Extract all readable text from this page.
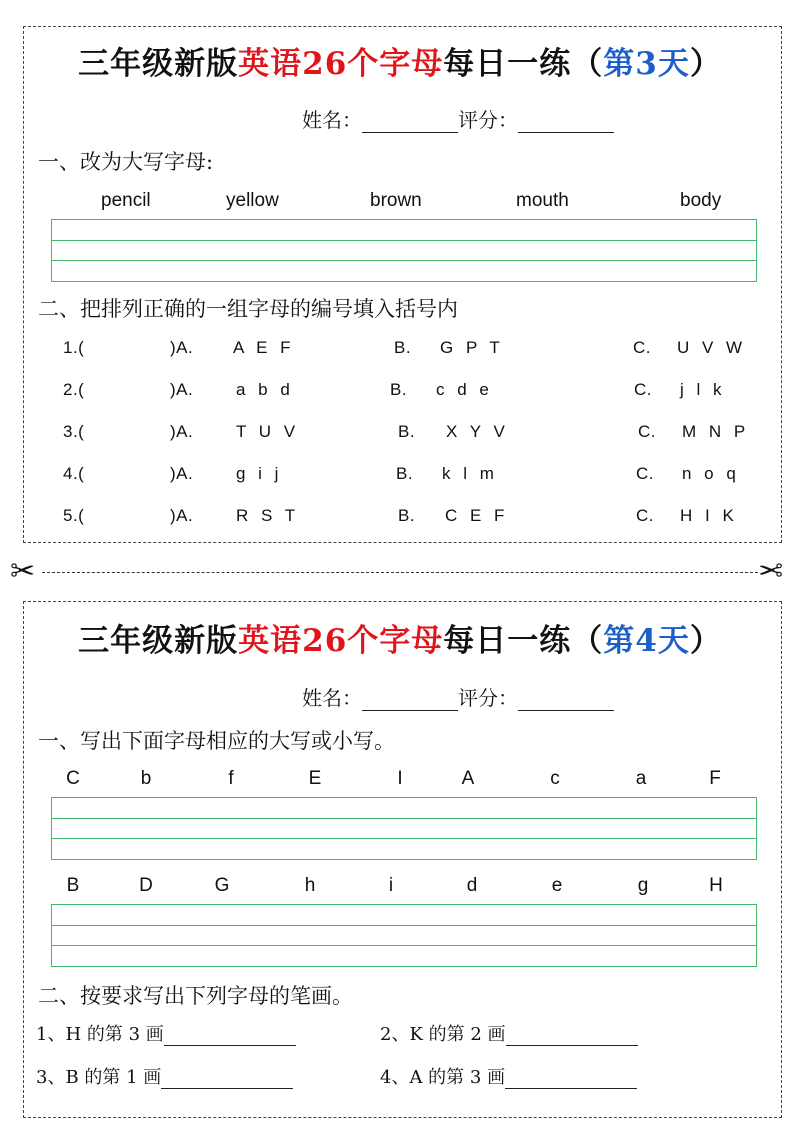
三年级新版英语26个字母每日一练（第3天）
姓名：	评分：
一、改为大写字母:
pencil	yellow	brown	mouth	body
二、把排列正确的一组字母的编号填入括号内
1.(	)A. A E F	B. G P T	C. U V W
2.(	)A.	a b d	B. c d e	C. j l k
3.(	)A.	T U V	B. X Y V	C. M N P
4.(	)A.	g i j	B. k l m	C. n o q
5.(	)A.	R S T	B. C E F	C. H I K
✂	✂
三年级新版英语26个字母每日一练（第4天）
姓名：	评分：
一、写出下面字母相应的大写或小写。
C	b	f	E	I	A	c	a	F
B	D	G	h	i	d	e	g	H
二、按要求写出下列字母的笔画。
1、H 的第 3 画	2、K 的第 2 画
3、B 的第 1 画	4、A 的第 3 画
